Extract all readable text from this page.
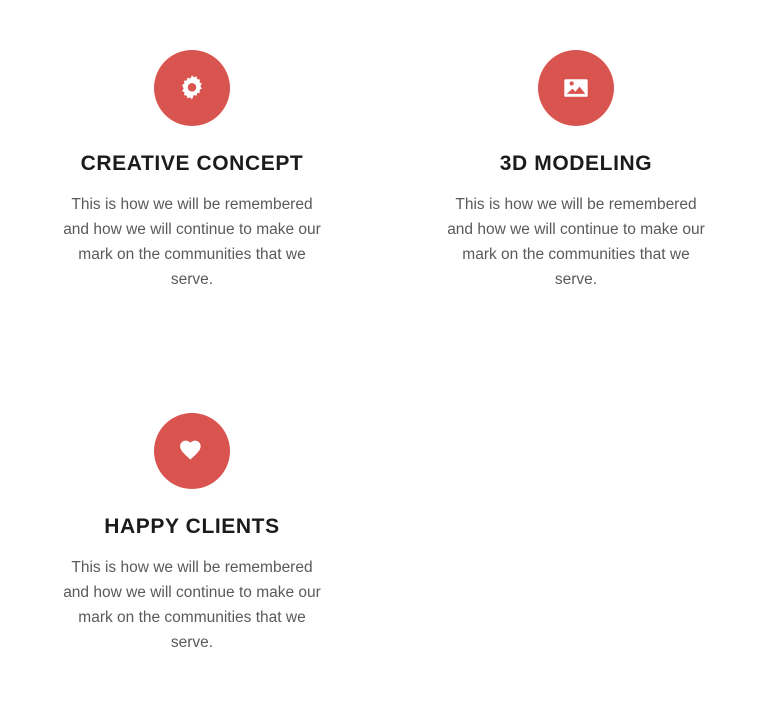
CREATIVE CONCEPT

This is how we will be remembered and how we will continue to make our mark on the communities that we serve.

3D MODELING

This is how we will be remembered and how we will continue to make our mark on the communities that we serve.

HAPPY CLIENTS

This is how we will be remembered and how we will continue to make our mark on the communities that we serve.
